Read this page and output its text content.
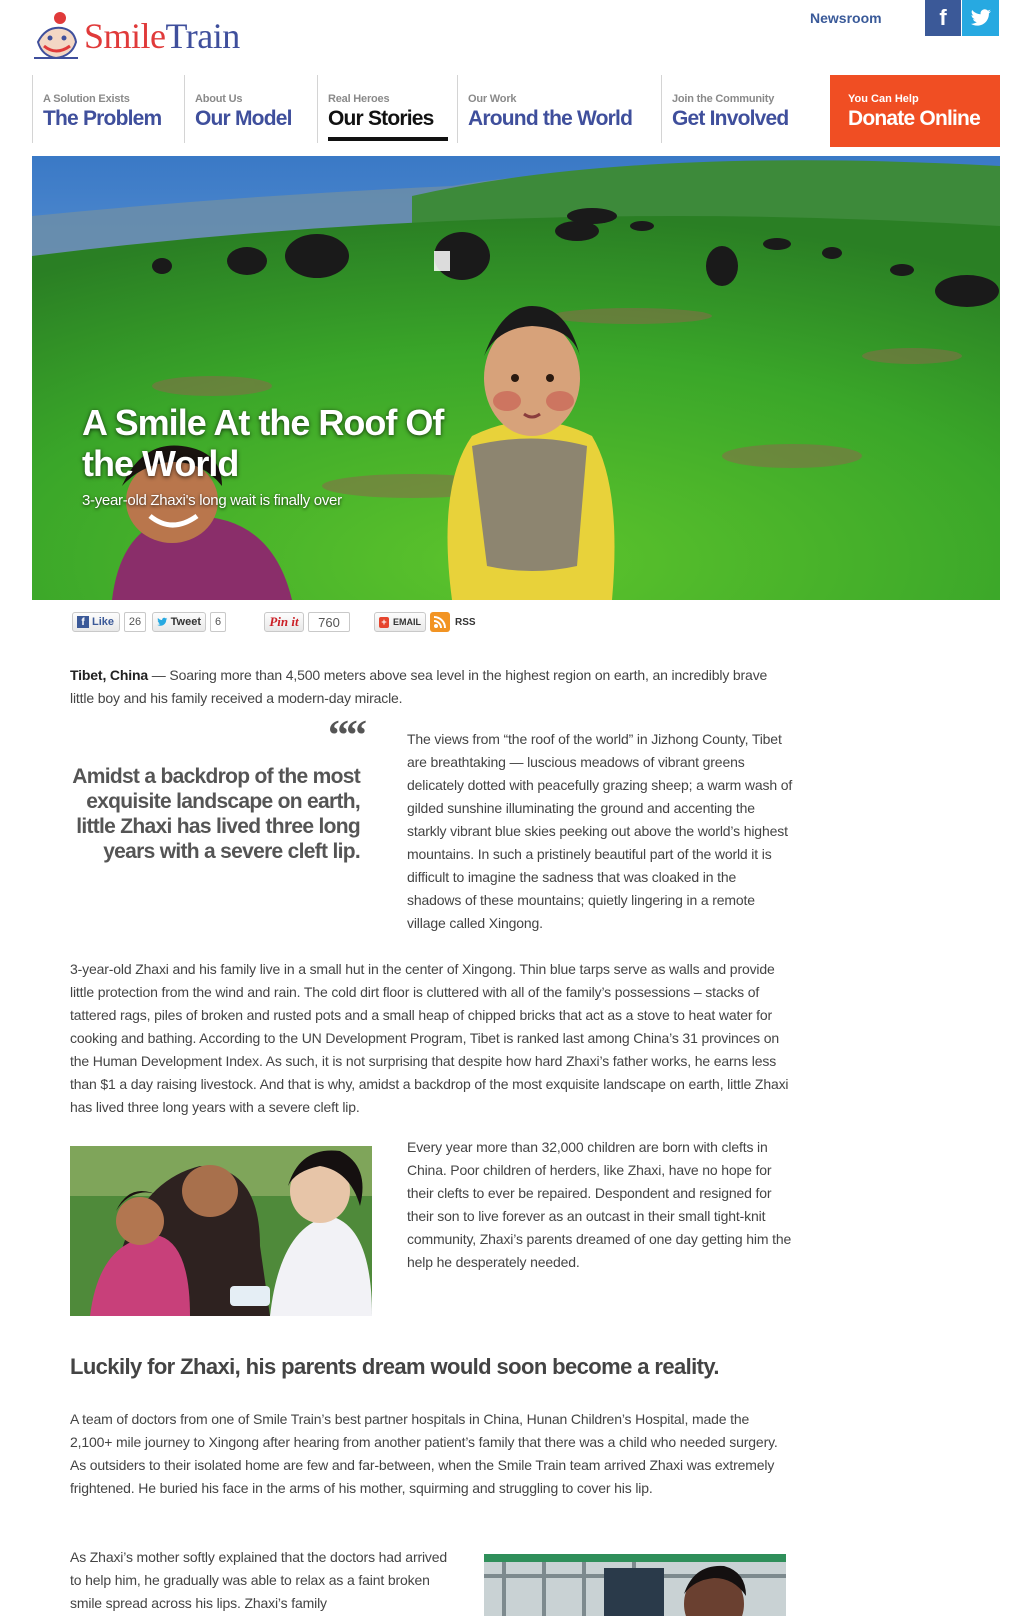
SmileTrain	Newsroom	f
A Solution Exists
The Problem
About Us
Our Model
Real Heroes
Our Stories
Our Work
Around the World
Join the Community
Get Involved
You Can Help
Donate Online
A Smile At the Roof Of the World
3-year-old Zhaxi's long wait is finally over
f Like	26	Tweet	6	Pin it	760	+ EMAIL	RSS
Tibet, China — Soaring more than 4,500 meters above sea level in the highest region on earth, an incredibly brave little boy and his family received a modern-day miracle.
““
Amidst a backdrop of the most exquisite landscape on earth, little Zhaxi has lived three long years with a severe cleft lip.
The views from “the roof of the world” in Jizhong County, Tibet are breathtaking — luscious meadows of vibrant greens delicately dotted with peacefully grazing sheep; a warm wash of gilded sunshine illuminating the ground and accenting the starkly vibrant blue skies peeking out above the world’s highest mountains. In such a pristinely beautiful part of the world it is difficult to imagine the sadness that was cloaked in the shadows of these mountains; quietly lingering in a remote village called Xingong.
3-year-old Zhaxi and his family live in a small hut in the center of Xingong. Thin blue tarps serve as walls and provide little protection from the wind and rain. The cold dirt floor is cluttered with all of the family’s possessions – stacks of tattered rags, piles of broken and rusted pots and a small heap of chipped bricks that act as a stove to heat water for cooking and bathing. According to the UN Development Program, Tibet is ranked last among China’s 31 provinces on the Human Development Index. As such, it is not surprising that despite how hard Zhaxi’s father works, he earns less than $1 a day raising livestock. And that is why, amidst a backdrop of the most exquisite landscape on earth, little Zhaxi has lived three long years with a severe cleft lip.
Every year more than 32,000 children are born with clefts in China. Poor children of herders, like Zhaxi, have no hope for their clefts to ever be repaired. Despondent and resigned for their son to live forever as an outcast in their small tight-knit community, Zhaxi’s parents dreamed of one day getting him the help he desperately needed.
Luckily for Zhaxi, his parents dream would soon become a reality.
A team of doctors from one of Smile Train’s best partner hospitals in China, Hunan Children’s Hospital, made the 2,100+ mile journey to Xingong after hearing from another patient’s family that there was a child who needed surgery. As outsiders to their isolated home are few and far-between, when the Smile Train team arrived Zhaxi was extremely frightened. He buried his face in the arms of his mother, squirming and struggling to cover his lip.
As Zhaxi’s mother softly explained that the doctors had arrived to help him, he gradually was able to relax as a faint broken smile spread across his lips. Zhaxi’s family
